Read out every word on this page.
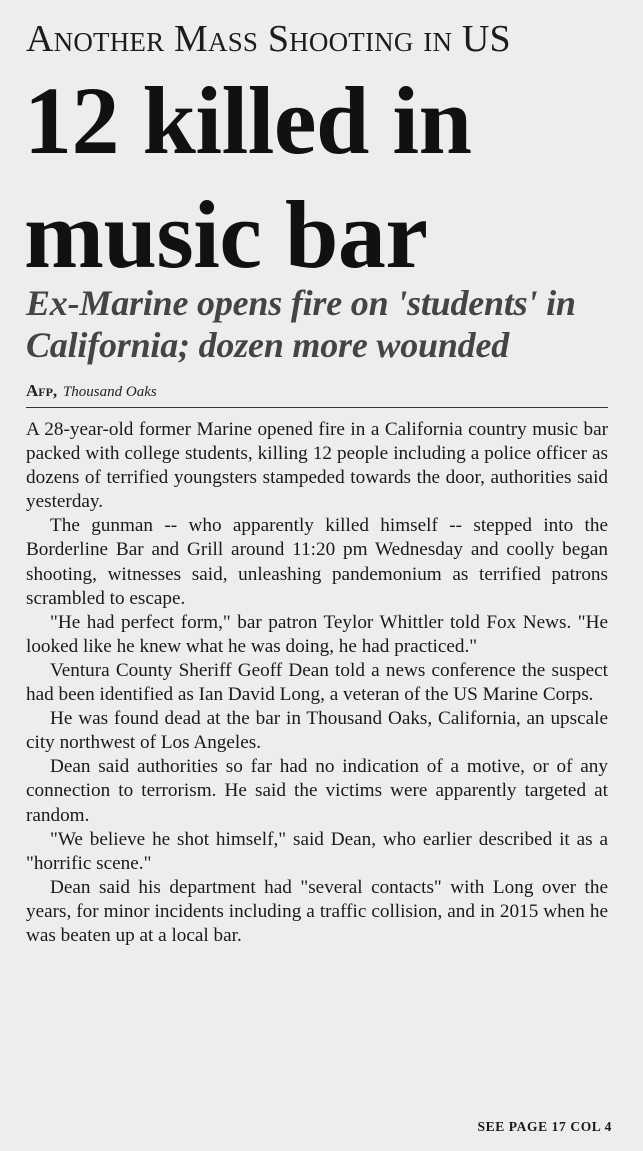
Another Mass Shooting in US
12 killed in music bar
Ex-Marine opens fire on 'students' in California; dozen more wounded
Afp, Thousand Oaks

A 28-year-old former Marine opened fire in a California country music bar packed with college students, killing 12 people including a police officer as dozens of terrified youngsters stampeded towards the door, authorities said yesterday.

The gunman -- who apparently killed himself -- stepped into the Borderline Bar and Grill around 11:20 pm Wednesday and coolly began shooting, witnesses said, unleashing pandemonium as terrified patrons scrambled to escape.

"He had perfect form," bar patron Teylor Whittler told Fox News. "He looked like he knew what he was doing, he had practiced."

Ventura County Sheriff Geoff Dean told a news conference the suspect had been identified as Ian David Long, a veteran of the US Marine Corps.

He was found dead at the bar in Thousand Oaks, California, an upscale city northwest of Los Angeles.

Dean said authorities so far had no indication of a motive, or of any connection to terrorism. He said the victims were apparently targeted at random.

"We believe he shot himself," said Dean, who earlier described it as a "horrific scene."

Dean said his department had "several contacts" with Long over the years, for minor incidents including a traffic collision, and in 2015 when he was beaten up at a local bar.

SEE PAGE 17 COL 4
